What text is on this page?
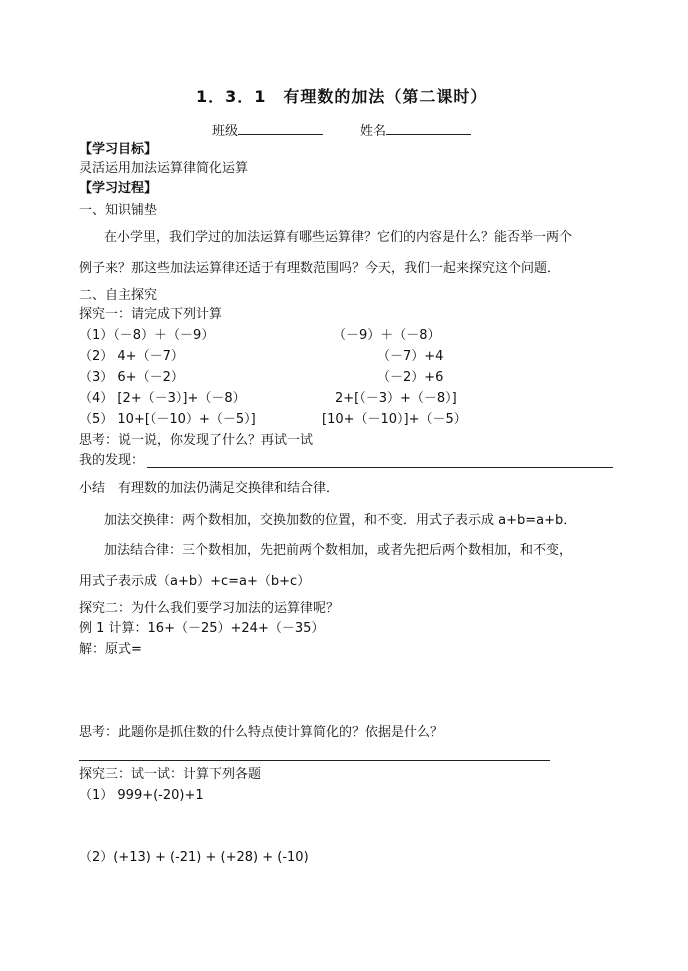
1．3．1　有理数的加法（第二课时）
班级	姓名
【学习目标】
灵活运用加法运算律简化运算
【学习过程】
一、知识铺垫
在小学里，我们学过的加法运算有哪些运算律？它们的内容是什么？能否举一两个
例子来？那这些加法运算律还适于有理数范围吗？今天，我们一起来探究这个问题．
二、自主探究
探究一：请完成下列计算
（1）（－8）＋（－9）	（－9）＋（－8）
（2） 4+（－7）	（－7）+4
（3） 6+（－2）	（－2）+6
（4） [2+（－3）]+（－8）	2+[（－3）+（－8）]
（5） 10+[（－10）+（－5）]	[10+（－10）]+（－5）
思考：说一说，你发现了什么？再试一试
我的发现：
小结　有理数的加法仍满足交换律和结合律．
加法交换律：两个数相加，交换加数的位置，和不变．用式子表示成 a+b=a+b．
加法结合律：三个数相加，先把前两个数相加，或者先把后两个数相加，和不变，
用式子表示成（a+b）+c=a+（b+c）
探究二：为什么我们要学习加法的运算律呢？
例 1 计算：16+（－25）+24+（－35）
解：原式=
思考：此题你是抓住数的什么特点使计算简化的？依据是什么？
探究三：试一试：计算下列各题
（1） 999+(-20)+1
（2）(+13) + (-21) + (+28) + (-10)
